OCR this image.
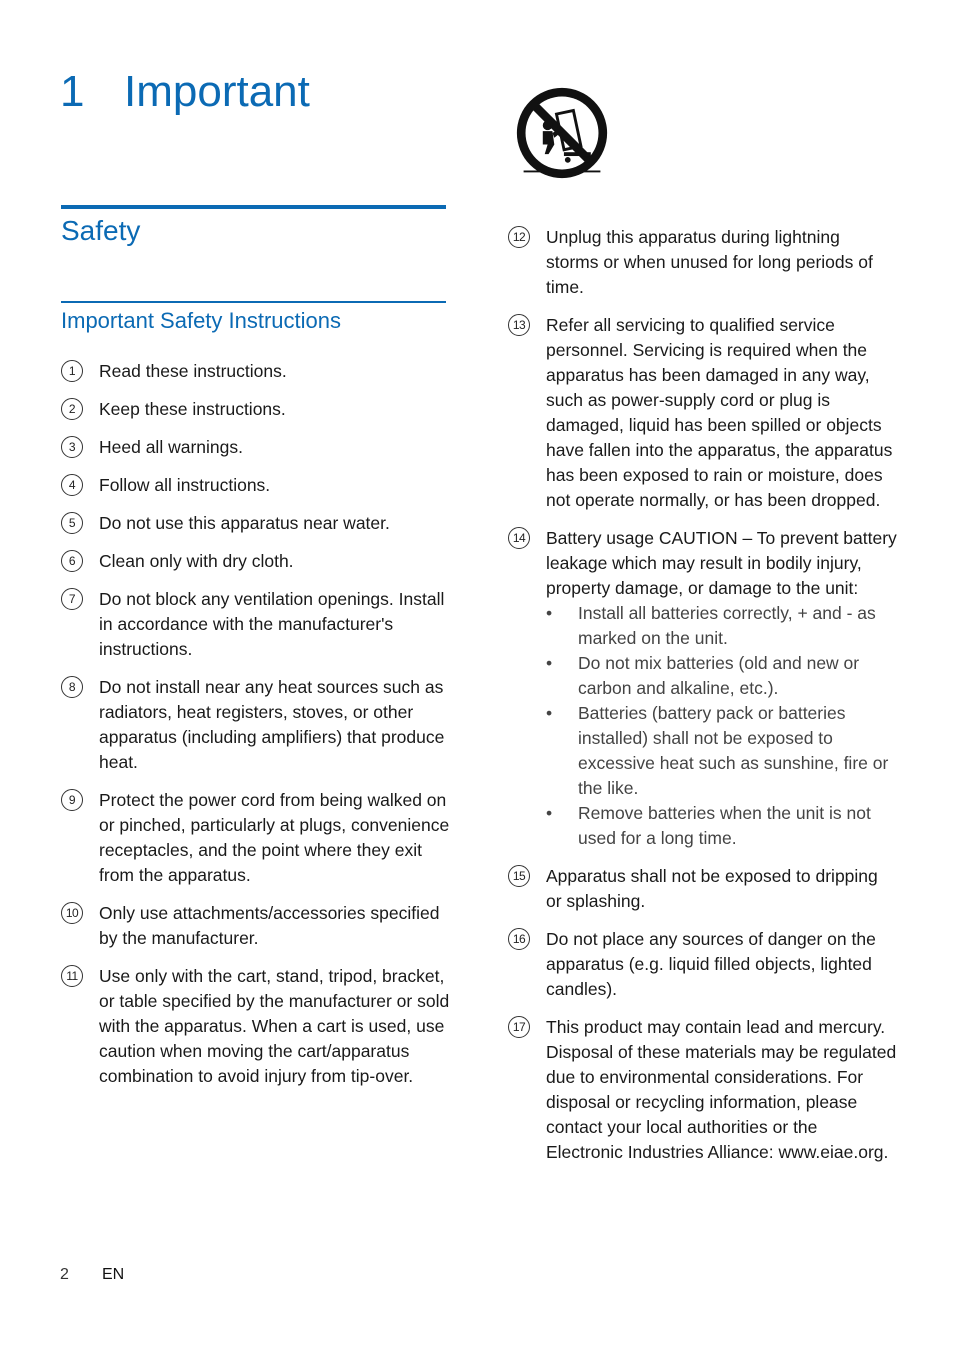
1 Important
Safety
Important Safety Instructions
1	Read these instructions.
2	Keep these instructions.
3	Heed all warnings.
4	Follow all instructions.
5	Do not use this apparatus near water.
6	Clean only with dry cloth.
7	Do not block any ventilation openings. Install in accordance with the manufacturer's instructions.
8	Do not install near any heat sources such as radiators, heat registers, stoves, or other apparatus (including amplifiers) that produce heat.
9	Protect the power cord from being walked on or pinched, particularly at plugs, convenience receptacles, and the point where they exit from the apparatus.
10 Only use attachments/accessories specified by the manufacturer.
11	Use only with the cart, stand, tripod, bracket, or table specified by the manufacturer or sold with the apparatus. When a cart is used, use caution when moving the cart/apparatus combination to avoid injury from tip-over.
12 Unplug this apparatus during lightning storms or when unused for long periods of time.
13 Refer all servicing to qualified service personnel. Servicing is required when the apparatus has been damaged in any way, such as power-supply cord or plug is damaged, liquid has been spilled or objects have fallen into the apparatus, the apparatus has been exposed to rain or moisture, does not operate normally, or has been dropped.
14 Battery usage CAUTION – To prevent battery leakage which may result in bodily injury, property damage, or damage to the unit:
• Install all batteries correctly, + and - as marked on the unit.
• Do not mix batteries (old and new or carbon and alkaline, etc.).
• Batteries (battery pack or batteries installed) shall not be exposed to excessive heat such as sunshine, fire or the like.
• Remove batteries when the unit is not used for a long time.
15 Apparatus shall not be exposed to dripping or splashing.
16 Do not place any sources of danger on the apparatus (e.g. liquid filled objects, lighted candles).
17 This product may contain lead and mercury. Disposal of these materials may be regulated due to environmental considerations. For disposal or recycling information, please contact your local authorities or the Electronic Industries Alliance: www.eiae.org.
2 EN
